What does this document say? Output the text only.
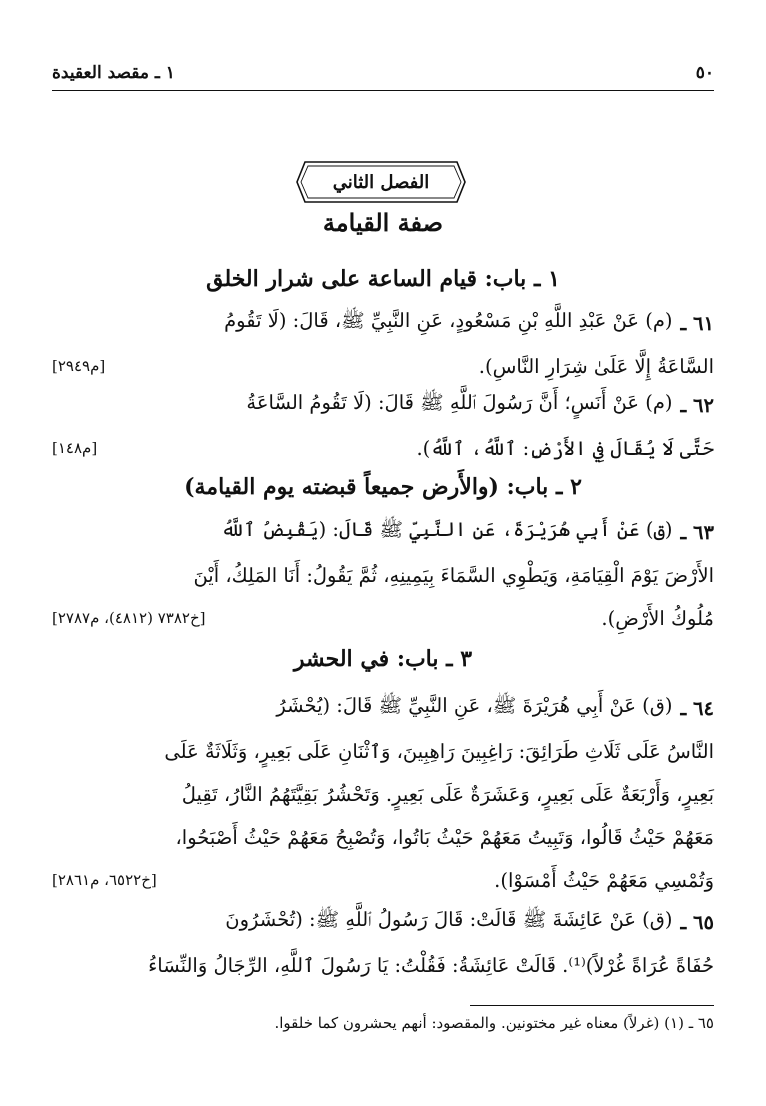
٥٠
١ ـ مقصد العقيدة
الفصل الثاني
صفة القيامة
١ ـ باب: قيام الساعة على شرار الخلق
٦١ ـ
(م) عَنْ عَبْدِ اللَّهِ بْنِ مَسْعُودٍ، عَنِ النَّبِيِّ ﷺ، قَالَ: (لَا تَقُومُ
السَّاعَةُ إِلَّا عَلَىٰ شِرَارِ النَّاسِ).
[م٢٩٤٩]
٦٢ ـ
(م) عَنْ أَنَسٍ؛ أَنَّ رَسُولَ ٱللَّهِ ﷺ قَالَ: (لَا تَقُومُ السَّاعَةُ
حَتَّى لَا يُقَالَ فِي الأَرْضِ: ٱللَّهُ، ٱللَّهُ).
[م١٤٨]
٢ ـ باب: (والأَرض جميعاً قبضته يوم القيامة)
٦٣ ـ
(ق) عَنْ أَبِي هُرَيْرَةَ، عَنِ النَّبِيِّ ﷺ قَالَ: (يَقْبِضُ ٱللَّهُ
الأَرْضَ يَوْمَ الْقِيَامَةِ، وَيَطْوِي السَّمَاءَ بِيَمِينِهِ، ثُمَّ يَقُولُ: أَنَا المَلِكُ، أَيْنَ
مُلُوكُ الأَرْضِ).
[خ٧٣٨٢ (٤٨١٢)، م٢٧٨٧]
٣ ـ باب: في الحشر
٦٤ ـ
(ق) عَنْ أَبِي هُرَيْرَةَ ﷺ، عَنِ النَّبِيِّ ﷺ قَالَ: (يُحْشَرُ
النَّاسُ عَلَى ثَلَاثِ طَرَائِقَ: رَاغِبِينَ رَاهِبِينَ، وَٱثْنَانِ عَلَى بَعِيرٍ، وَثَلَاثَةٌ عَلَى
بَعِيرٍ، وَأَرْبَعَةٌ عَلَى بَعِيرٍ، وَعَشَرَةٌ عَلَى بَعِيرٍ. وَتَحْشُرُ بَقِيَّتَهُمُ النَّارُ، تَقِيلُ
مَعَهُمْ حَيْثُ قَالُوا، وَتَبِيتُ مَعَهُمْ حَيْثُ بَاتُوا، وَتُصْبِحُ مَعَهُمْ حَيْثُ أَصْبَحُوا،
وَتُمْسِي مَعَهُمْ حَيْثُ أَمْسَوْا).
[خ٦٥٢٢، م٢٨٦١]
٦٥ ـ
(ق) عَنْ عَائِشَةَ ﷺ قَالَتْ: قَالَ رَسُولُ ٱللَّهِ ﷺ: (تُحْشَرُونَ
حُفَاةً عُرَاةً غُرْلاً)⁽¹⁾. قَالَتْ عَائِشَةُ: فَقُلْتُ: يَا رَسُولَ ٱللَّهِ، الرِّجَالُ وَالنِّسَاءُ
٦٥ ـ (١) (غرلاً) معناه غير مختونين. والمقصود: أنهم يحشرون كما خلقوا.
